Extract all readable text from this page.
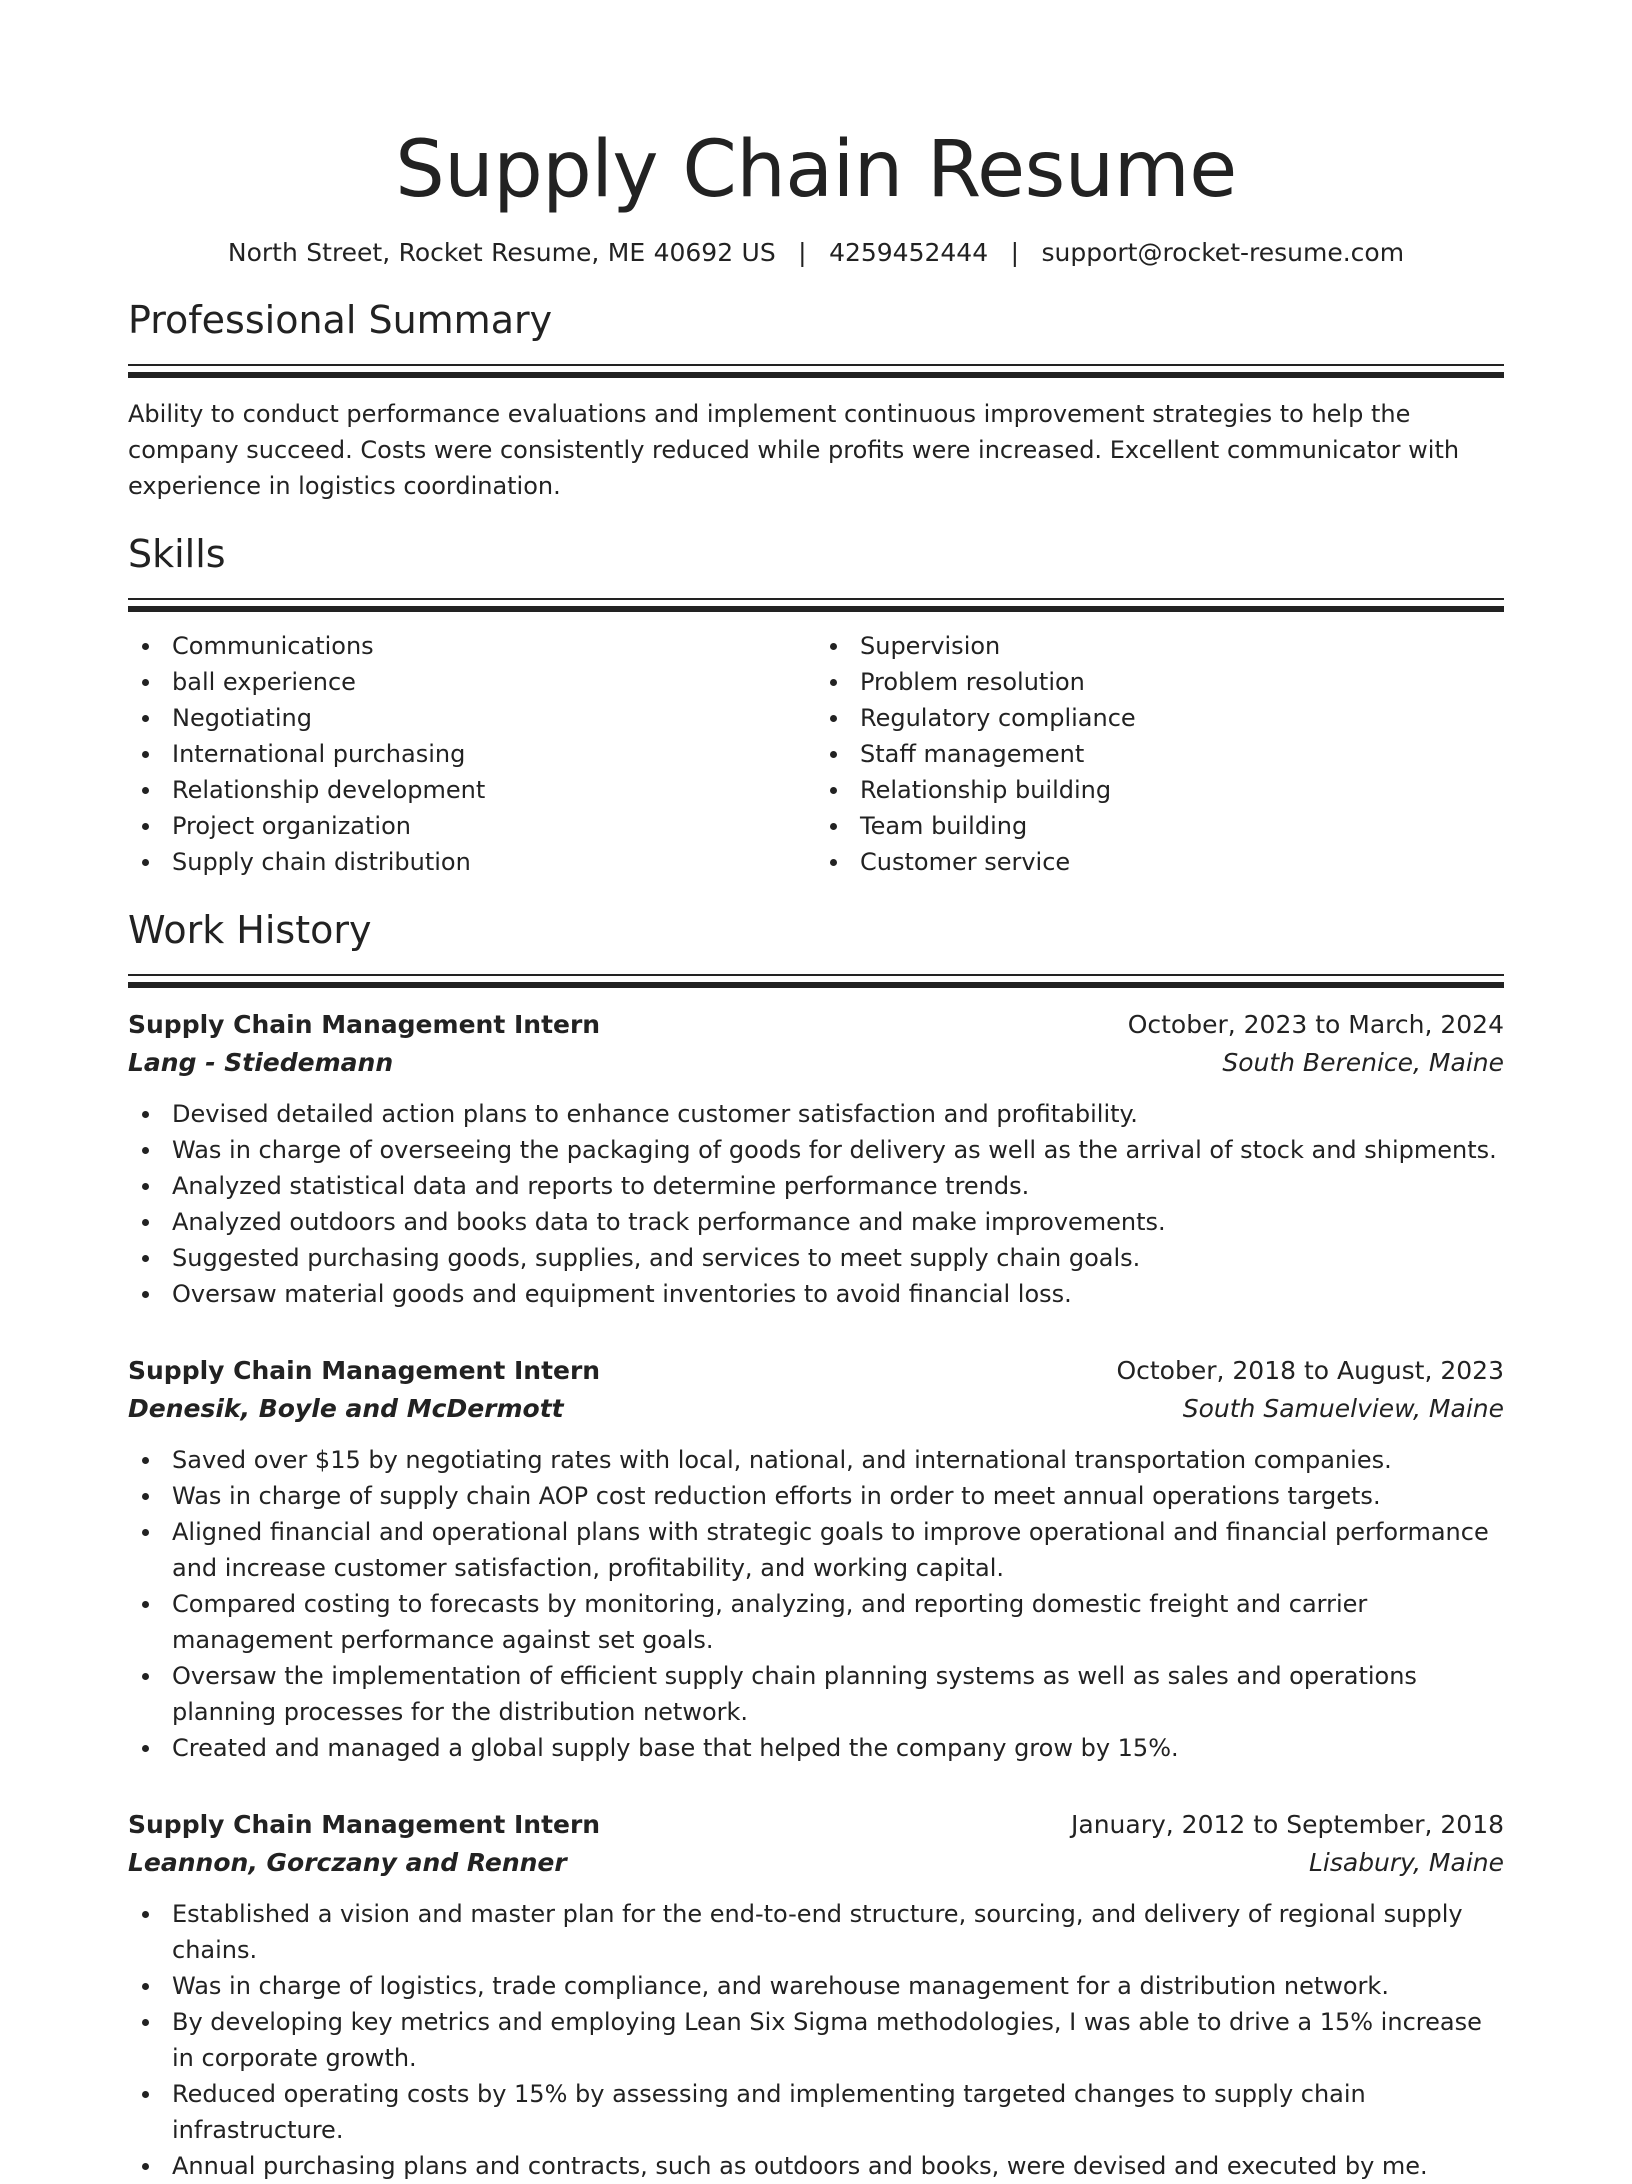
Supply Chain Resume
North Street, Rocket Resume, ME 40692 US | 4259452444 | support@rocket-resume.com
Professional Summary

Ability to conduct performance evaluations and implement continuous improvement strategies to help the company succeed. Costs were consistently reduced while profits were increased. Excellent communicator with experience in logistics coordination.

Skills
Communications
ball experience
Negotiating
International purchasing
Relationship development
Project organization
Supply chain distribution
Supervision
Problem resolution
Regulatory compliance
Staff management
Relationship building
Team building
Customer service
Work History
Supply Chain Management Intern	October, 2023 to March, 2024
Lang - Stiedemann	South Berenice, Maine
Devised detailed action plans to enhance customer satisfaction and profitability.
Was in charge of overseeing the packaging of goods for delivery as well as the arrival of stock and shipments.
Analyzed statistical data and reports to determine performance trends.
Analyzed outdoors and books data to track performance and make improvements.
Suggested purchasing goods, supplies, and services to meet supply chain goals.
Oversaw material goods and equipment inventories to avoid financial loss.
Supply Chain Management Intern	October, 2018 to August, 2023
Denesik, Boyle and McDermott	South Samuelview, Maine
Saved over $15 by negotiating rates with local, national, and international transportation companies.
Was in charge of supply chain AOP cost reduction efforts in order to meet annual operations targets.
Aligned financial and operational plans with strategic goals to improve operational and financial performance and increase customer satisfaction, profitability, and working capital.
Compared costing to forecasts by monitoring, analyzing, and reporting domestic freight and carrier management performance against set goals.
Oversaw the implementation of efficient supply chain planning systems as well as sales and operations planning processes for the distribution network.
Created and managed a global supply base that helped the company grow by 15%.
Supply Chain Management Intern	January, 2012 to September, 2018
Leannon, Gorczany and Renner	Lisabury, Maine
Established a vision and master plan for the end-to-end structure, sourcing, and delivery of regional supply chains.
Was in charge of logistics, trade compliance, and warehouse management for a distribution network.
By developing key metrics and employing Lean Six Sigma methodologies, I was able to drive a 15% increase in corporate growth.
Reduced operating costs by 15% by assessing and implementing targeted changes to supply chain infrastructure.
Annual purchasing plans and contracts, such as outdoors and books, were devised and executed by me.
